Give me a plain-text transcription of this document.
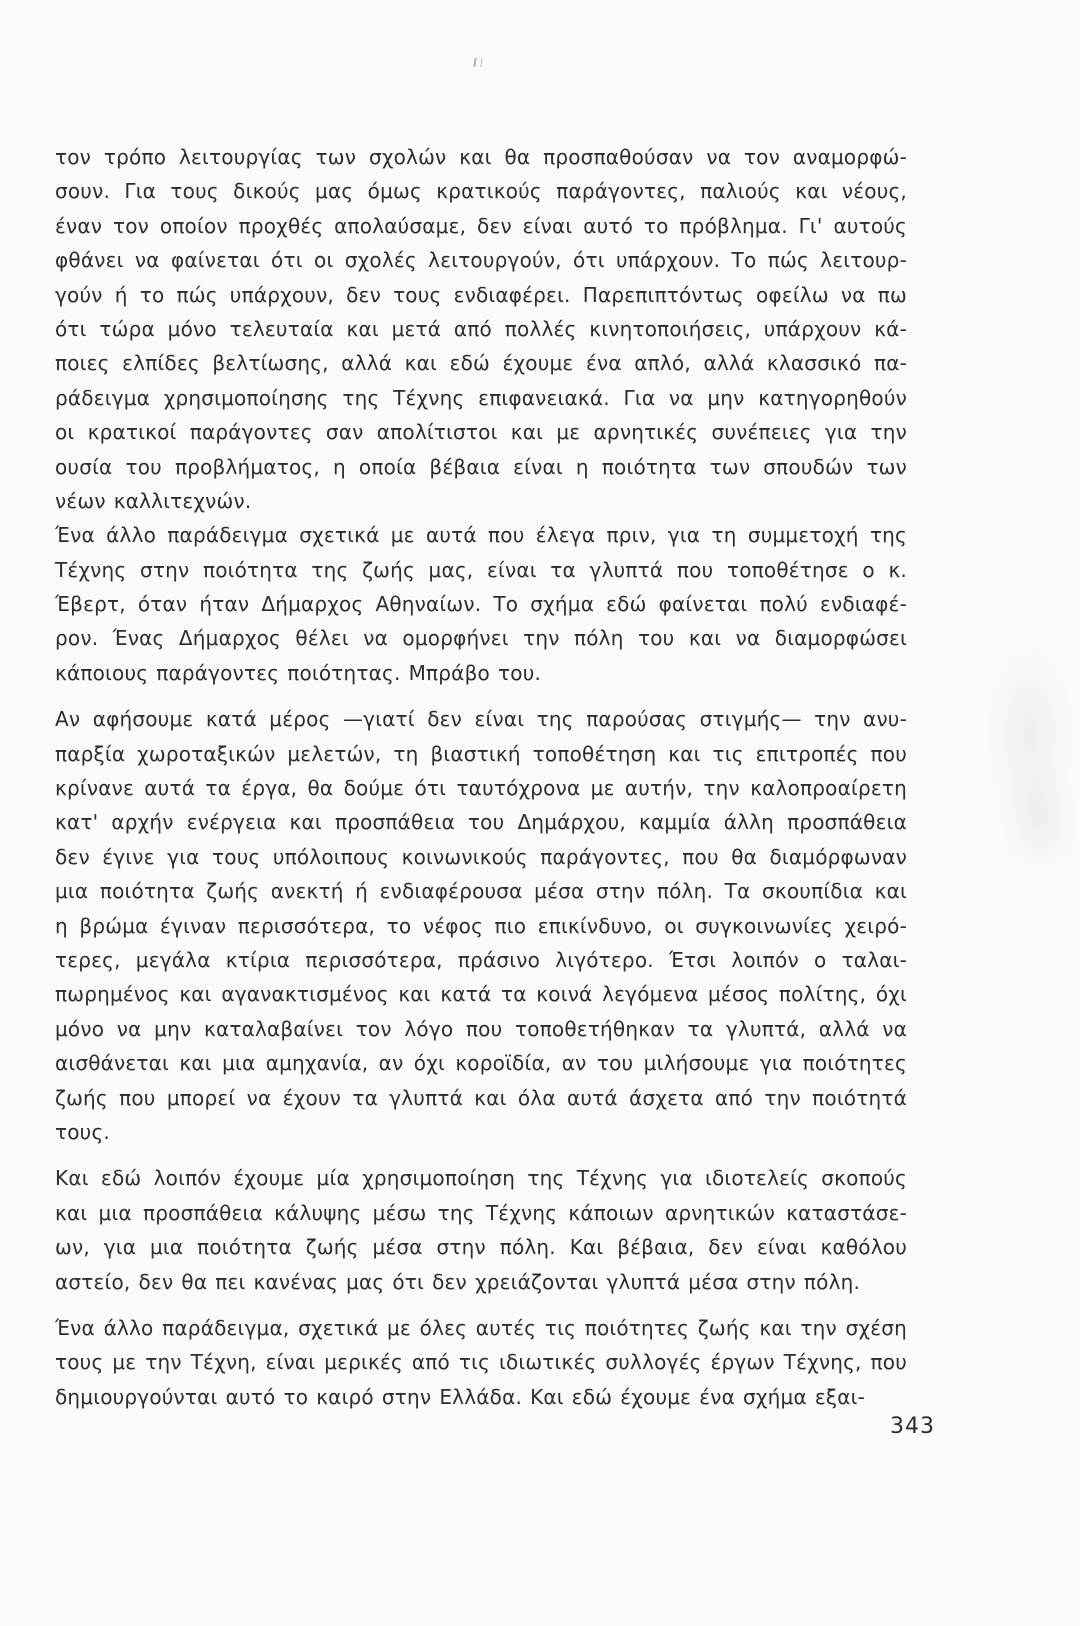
τον τρόπο λειτουργίας των σχολών και θα προσπαθούσαν να τον αναμορφώ-
σουν. Για τους δικούς μας όμως κρατικούς παράγοντες, παλιούς και νέους,
έναν τον οποίον προχθές απολαύσαμε, δεν είναι αυτό το πρόβλημα. Γι' αυτούς
φθάνει να φαίνεται ότι οι σχολές λειτουργούν, ότι υπάρχουν. Το πώς λειτουρ-
γούν ή το πώς υπάρχουν, δεν τους ενδιαφέρει. Παρεπιπτόντως οφείλω να πω
ότι τώρα μόνο τελευταία και μετά από πολλές κινητοποιήσεις, υπάρχουν κά-
ποιες ελπίδες βελτίωσης, αλλά και εδώ έχουμε ένα απλό, αλλά κλασσικό πα-
ράδειγμα χρησιμοποίησης της Τέχνης επιφανειακά. Για να μην κατηγορηθούν
οι κρατικοί παράγοντες σαν απολίτιστοι και με αρνητικές συνέπειες για την
ουσία του προβλήματος, η οποία βέβαια είναι η ποιότητα των σπουδών των
νέων καλλιτεχνών.
Ένα άλλο παράδειγμα σχετικά με αυτά που έλεγα πριν, για τη συμμετοχή της
Τέχνης στην ποιότητα της ζωής μας, είναι τα γλυπτά που τοποθέτησε ο κ.
Έβερτ, όταν ήταν Δήμαρχος Αθηναίων. Το σχήμα εδώ φαίνεται πολύ ενδιαφέ-
ρον. Ένας Δήμαρχος θέλει να ομορφήνει την πόλη του και να διαμορφώσει
κάποιους παράγοντες ποιότητας. Μπράβο του.
Αν αφήσουμε κατά μέρος —γιατί δεν είναι της παρούσας στιγμής— την ανυ-
παρξία χωροταξικών μελετών, τη βιαστική τοποθέτηση και τις επιτροπές που
κρίνανε αυτά τα έργα, θα δούμε ότι ταυτόχρονα με αυτήν, την καλοπροαίρετη
κατ' αρχήν ενέργεια και προσπάθεια του Δημάρχου, καμμία άλλη προσπάθεια
δεν έγινε για τους υπόλοιπους κοινωνικούς παράγοντες, που θα διαμόρφωναν
μια ποιότητα ζωής ανεκτή ή ενδιαφέρουσα μέσα στην πόλη. Τα σκουπίδια και
η βρώμα έγιναν περισσότερα, το νέφος πιο επικίνδυνο, οι συγκοινωνίες χειρό-
τερες, μεγάλα κτίρια περισσότερα, πράσινο λιγότερο. Έτσι λοιπόν ο ταλαι-
πωρημένος και αγανακτισμένος και κατά τα κοινά λεγόμενα μέσος πολίτης, όχι
μόνο να μην καταλαβαίνει τον λόγο που τοποθετήθηκαν τα γλυπτά, αλλά να
αισθάνεται και μια αμηχανία, αν όχι κοροϊδία, αν του μιλήσουμε για ποιότητες
ζωής που μπορεί να έχουν τα γλυπτά και όλα αυτά άσχετα από την ποιότητά
τους.
Και εδώ λοιπόν έχουμε μία χρησιμοποίηση της Τέχνης για ιδιοτελείς σκοπούς
και μια προσπάθεια κάλυψης μέσω της Τέχνης κάποιων αρνητικών καταστάσε-
ων, για μια ποιότητα ζωής μέσα στην πόλη. Και βέβαια, δεν είναι καθόλου
αστείο, δεν θα πει κανένας μας ότι δεν χρειάζονται γλυπτά μέσα στην πόλη.
Ένα άλλο παράδειγμα, σχετικά με όλες αυτές τις ποιότητες ζωής και την σχέση
τους με την Τέχνη, είναι μερικές από τις ιδιωτικές συλλογές έργων Τέχνης, που
δημιουργούνται αυτό το καιρό στην Ελλάδα. Και εδώ έχουμε ένα σχήμα εξαι-
343
